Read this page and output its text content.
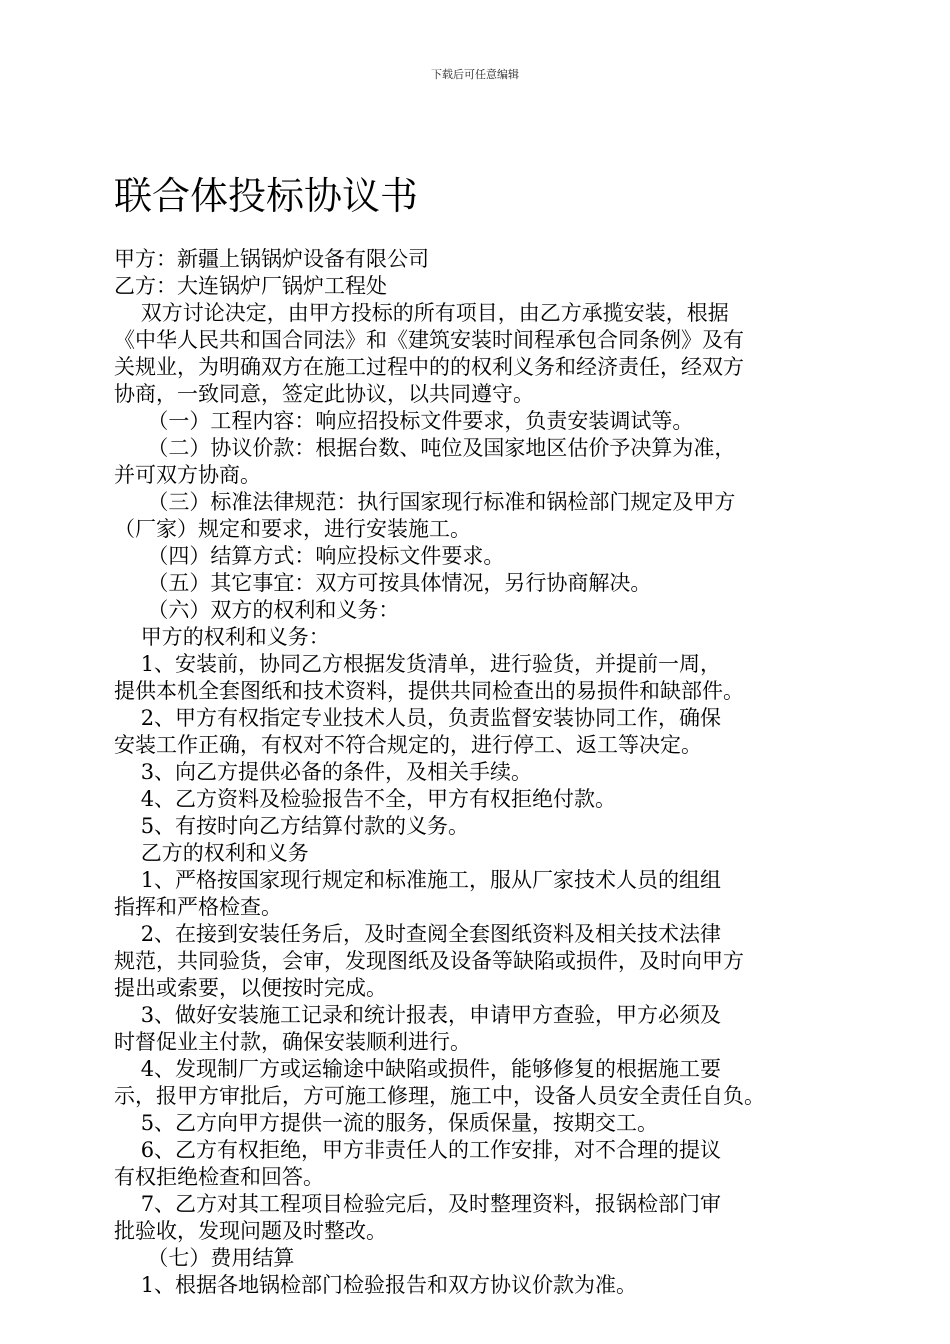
下载后可任意编辑
联合体投标协议书
甲方：新疆上锅锅炉设备有限公司
乙方：大连锅炉厂锅炉工程处
双方讨论决定，由甲方投标的所有项目，由乙方承揽安装，根据
《中华人民共和国合同法》和《建筑安装时间程承包合同条例》及有
关规业，为明确双方在施工过程中的的权利义务和经济责任，经双方
协商，一致同意，签定此协议，以共同遵守。
（一）工程内容：响应招投标文件要求，负责安装调试等。
（二）协议价款：根据台数、吨位及国家地区估价予决算为准，
并可双方协商。
（三）标准法律规范：执行国家现行标准和锅检部门规定及甲方
（厂家）规定和要求，进行安装施工。
（四）结算方式：响应投标文件要求。
（五）其它事宜：双方可按具体情况，另行协商解决。
（六）双方的权利和义务：
甲方的权利和义务：
1、安装前，协同乙方根据发货清单，进行验货，并提前一周，
提供本机全套图纸和技术资料，提供共同检查出的易损件和缺部件。
2、甲方有权指定专业技术人员，负责监督安装协同工作，确保
安装工作正确，有权对不符合规定的，进行停工、返工等决定。
3、向乙方提供必备的条件，及相关手续。
4、乙方资料及检验报告不全，甲方有权拒绝付款。
5、有按时向乙方结算付款的义务。
乙方的权利和义务
1、严格按国家现行规定和标准施工，服从厂家技术人员的组组
指挥和严格检查。
2、在接到安装任务后，及时查阅全套图纸资料及相关技术法律
规范，共同验货，会审，发现图纸及设备等缺陷或损件，及时向甲方
提出或索要，以便按时完成。
3、做好安装施工记录和统计报表，申请甲方查验，甲方必须及
时督促业主付款，确保安装顺利进行。
4、发现制厂方或运输途中缺陷或损件，能够修复的根据施工要
示，报甲方审批后，方可施工修理，施工中，设备人员安全责任自负。
5、乙方向甲方提供一流的服务，保质保量，按期交工。
6、乙方有权拒绝，甲方非责任人的工作安排，对不合理的提议
有权拒绝检查和回答。
7、乙方对其工程项目检验完后，及时整理资料，报锅检部门审
批验收，发现问题及时整改。
（七）费用结算
1、根据各地锅检部门检验报告和双方协议价款为准。
